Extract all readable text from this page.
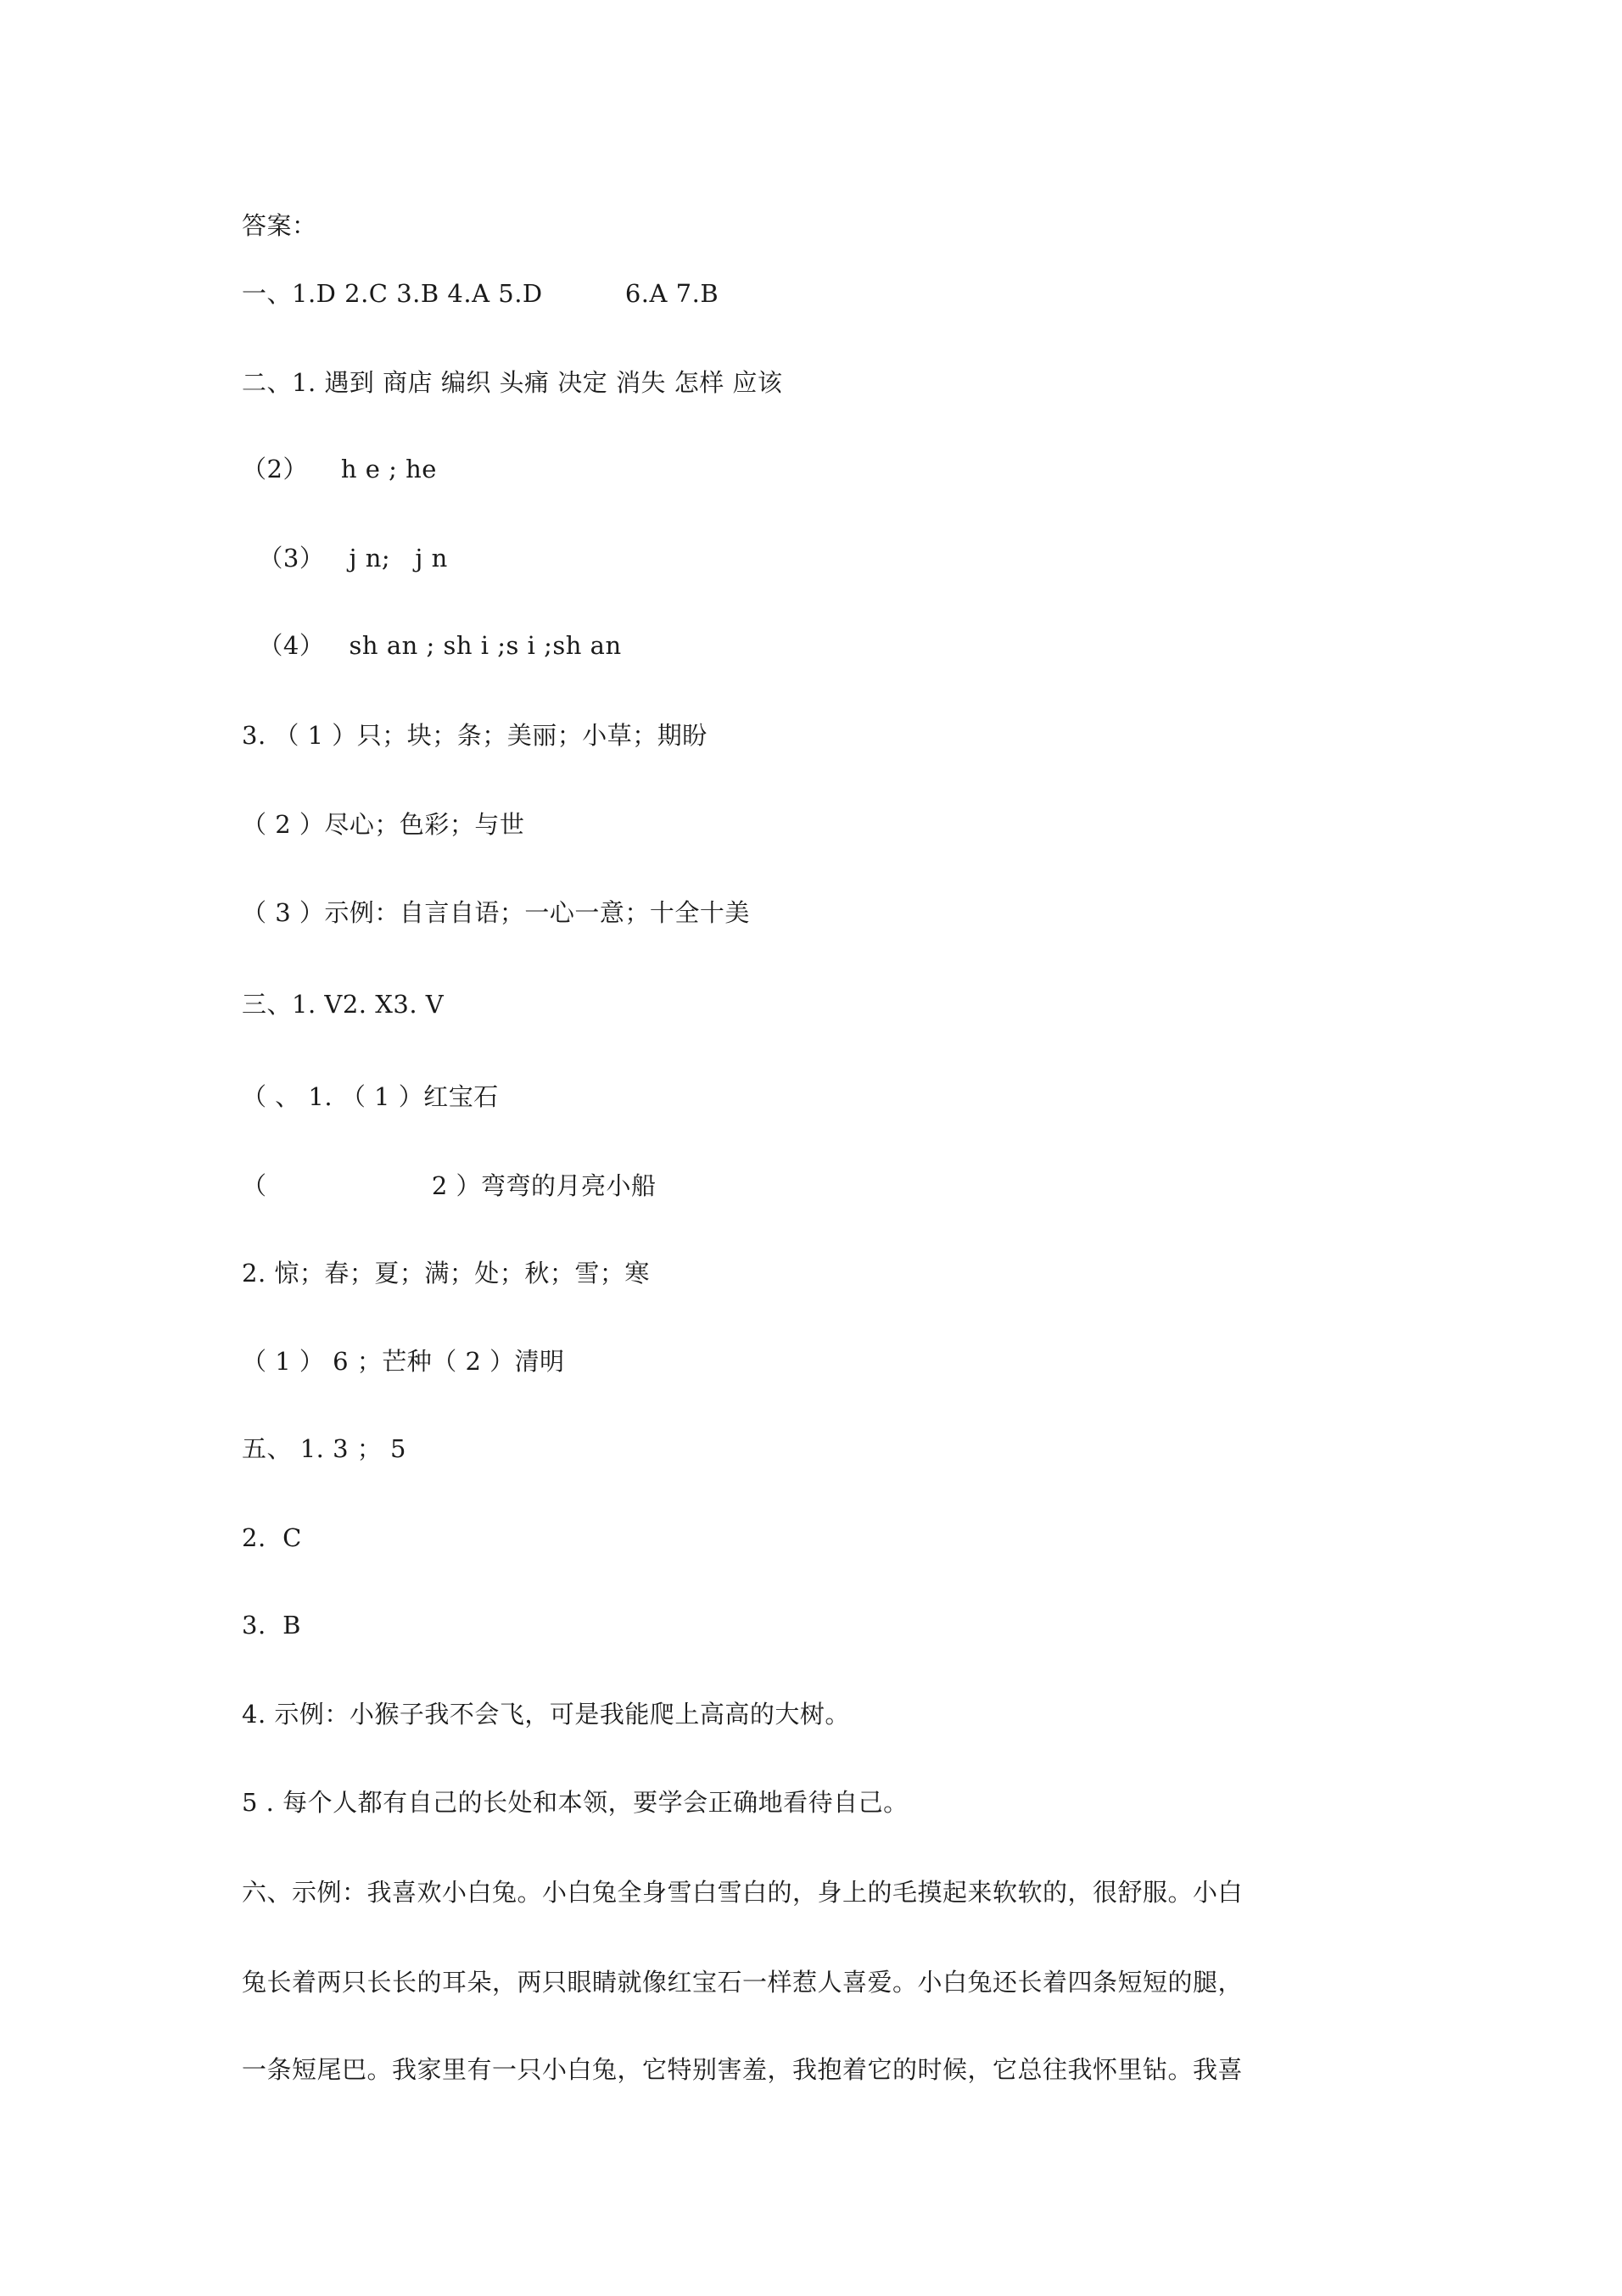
答案：
一、1.D 2.C 3.B 4.A 5.D          6.A 7.B
二、1. 遇到 商店 编织 头痛 决定 消失 怎样 应该
（2）    h e ; he
（3）   j n;   j n
（4）   sh an ; sh i ;s i ;sh an
3. （ 1 ）只；块；条；美丽；小草；期盼
（ 2 ）尽心；色彩；与世
（ 3 ）示例：自言自语；一心一意；十全十美
三、1. V2. X3. V
（ 、 1. （ 1 ）红宝石
（                    2 ）弯弯的月亮小船
2. 惊；春；夏；满；处；秋；雪；寒
（ 1 ） 6 ；芒种（ 2 ）清明
五、 1. 3 ； 5
2.  C
3.  B
4. 示例：小猴子我不会飞，可是我能爬上高高的大树。
5 . 每个人都有自己的长处和本领，要学会正确地看待自己。
六、示例：我喜欢小白兔。小白兔全身雪白雪白的，身上的毛摸起来软软的，很舒服。小白
兔长着两只长长的耳朵，两只眼睛就像红宝石一样惹人喜爱。小白兔还长着四条短短的腿，
一条短尾巴。我家里有一只小白兔，它特别害羞，我抱着它的时候，它总往我怀里钻。我喜
